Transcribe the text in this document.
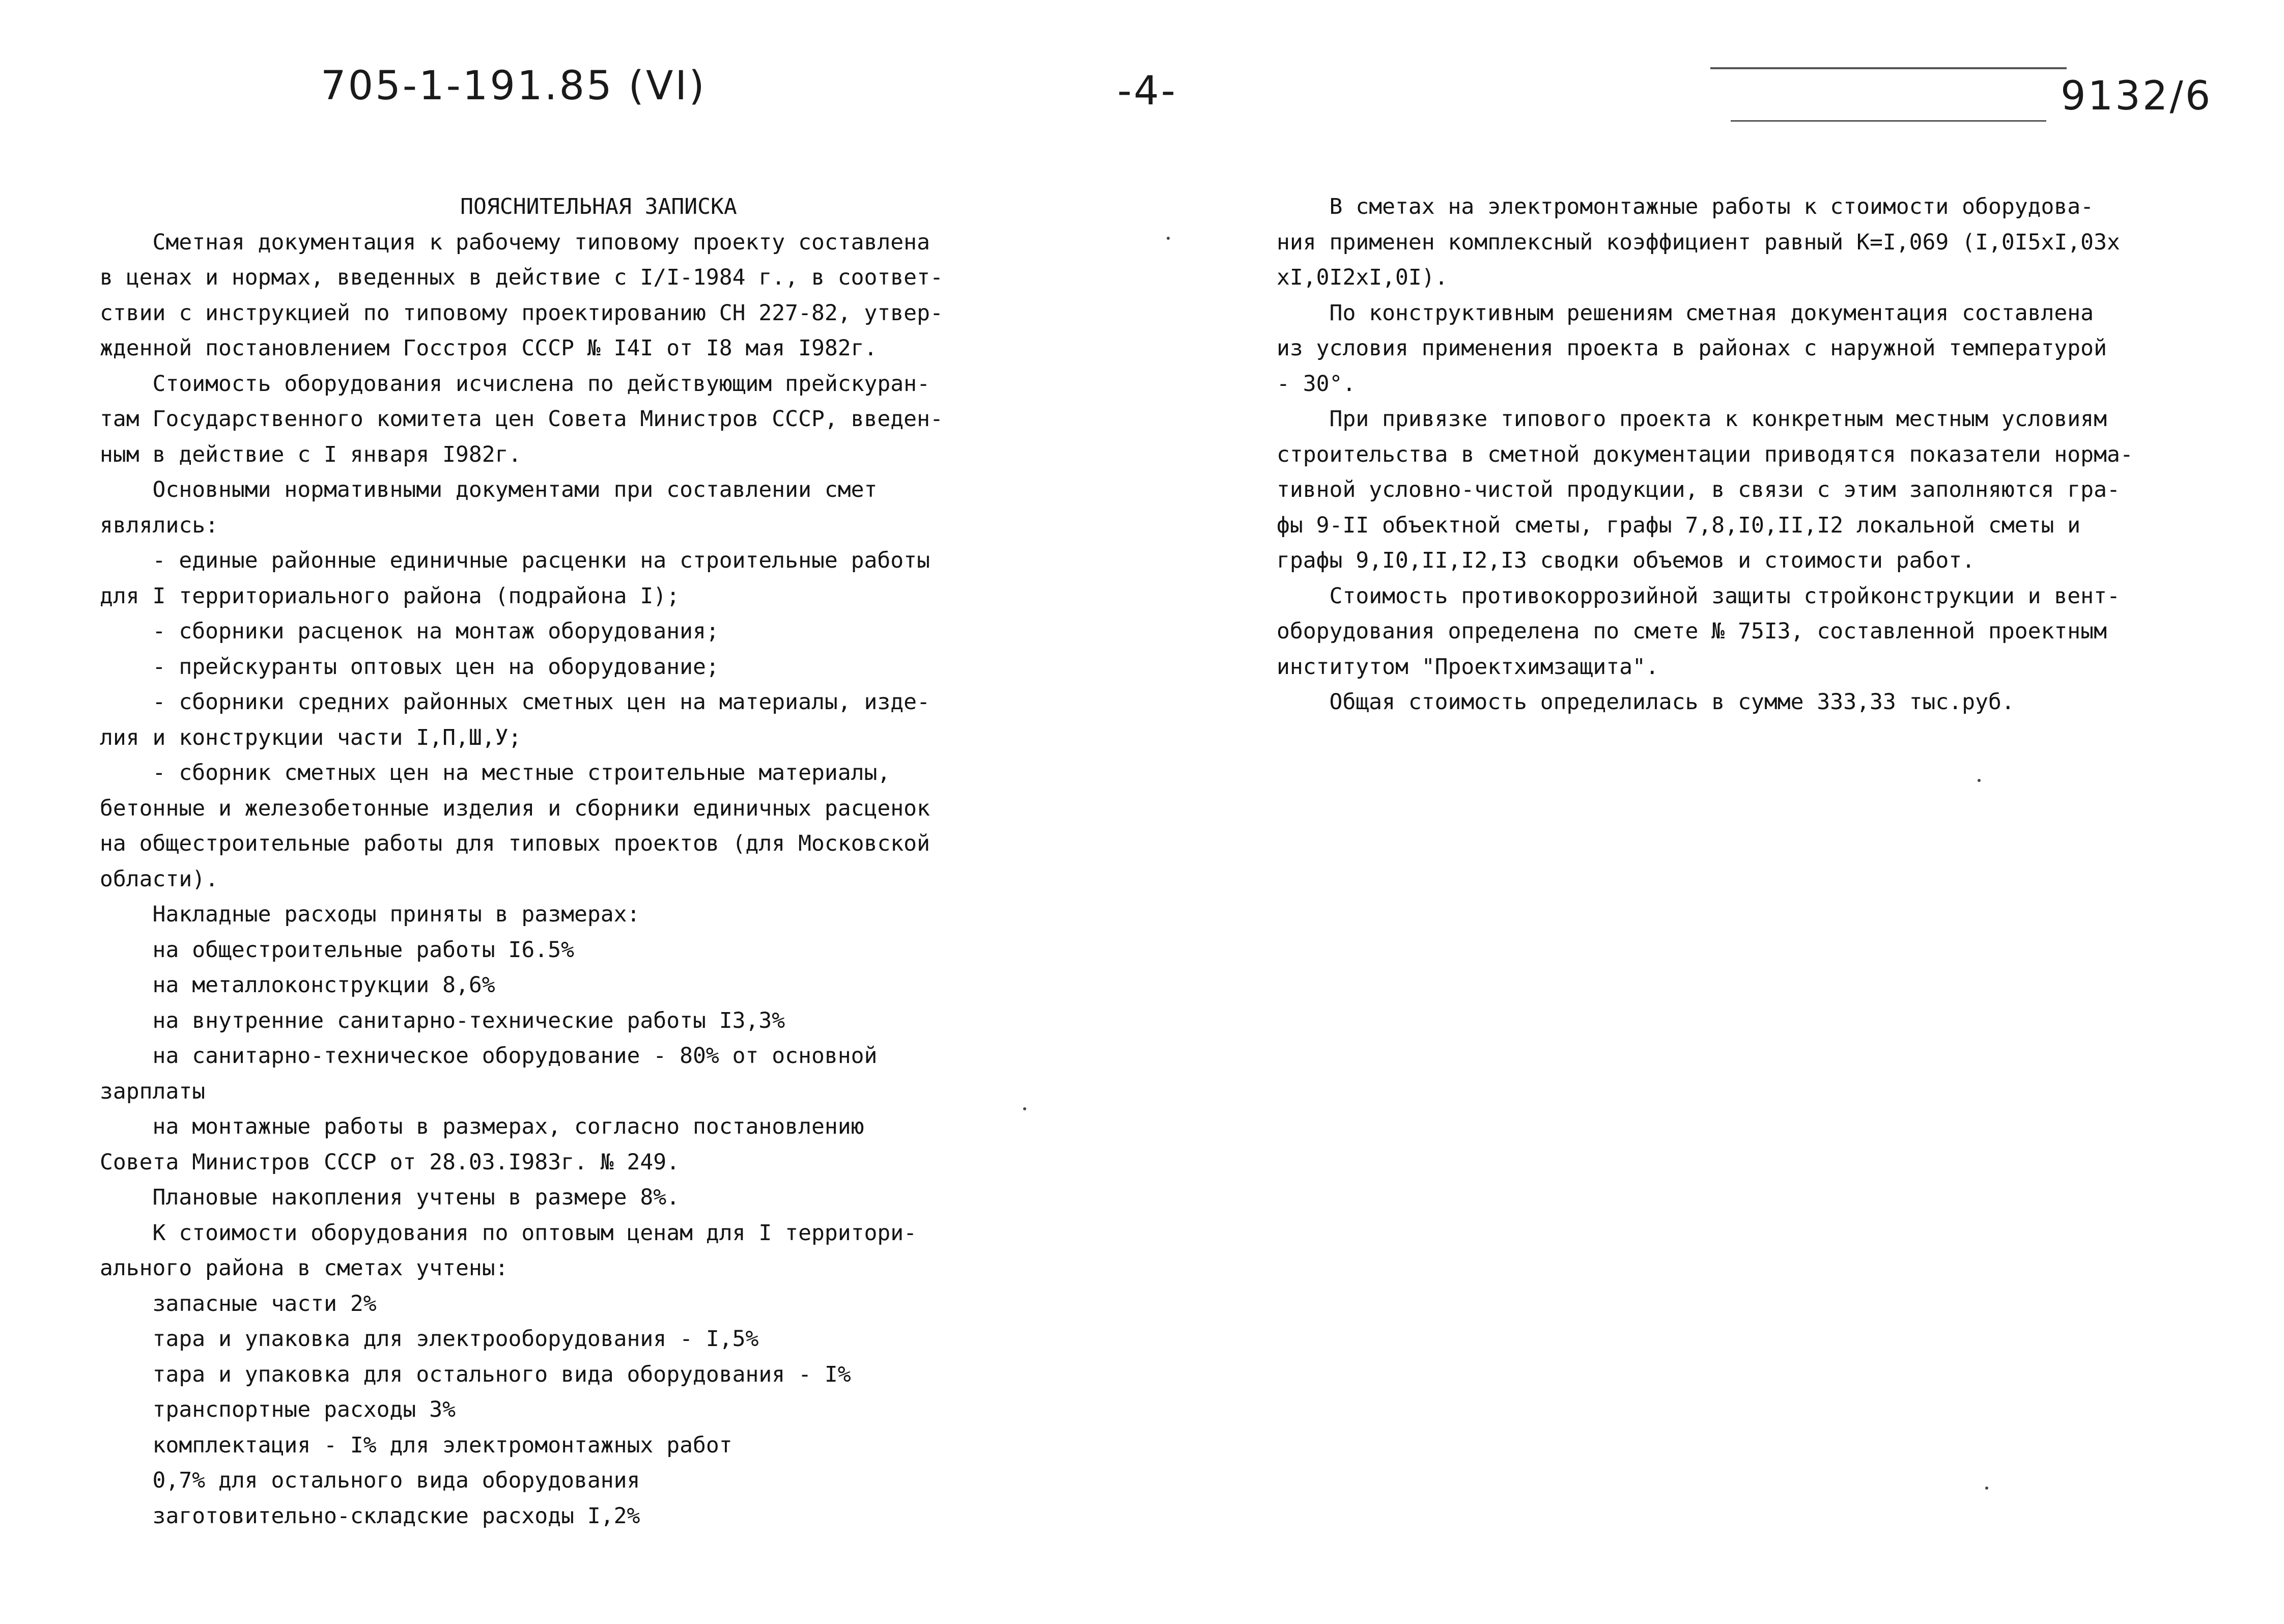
705-1-191.85 (VI)	-4-	9132/6
ПОЯСНИТЕЛЬНАЯ ЗАПИСКА
Сметная документация к рабочему типовому проекту составлена
в ценах и нормах, введенных в действие с I/I-1984 г., в соответ-
ствии с инструкцией по типовому проектированию СН 227-82, утвер-
жденной постановлением Госстроя СССР № I4I от I8 мая I982г.
Стоимость оборудования исчислена по действующим прейскуран-
там Государственного комитета цен Совета Министров СССР, введен-
ным в действие с I января I982г.
Основными нормативными документами при составлении смет
являлись:
- единые районные единичные расценки на строительные работы
для I территориального района (подрайона I);
- сборники расценок на монтаж оборудования;
- прейскуранты оптовых цен на оборудование;
- сборники средних районных сметных цен на материалы, изде-
лия и конструкции части I,П,Ш,У;
- сборник сметных цен на местные строительные материалы,
бетонные и железобетонные изделия и сборники единичных расценок
на общестроительные работы для типовых проектов (для Московской
области).
Накладные расходы приняты в размерах:
на общестроительные работы I6.5%
на металлоконструкции 8,6%
на внутренние санитарно-технические работы I3,3%
на санитарно-техническое оборудование - 80% от основной
зарплаты
на монтажные работы в размерах, согласно постановлению
Совета Министров СССР от 28.03.I983г. № 249.
Плановые накопления учтены в размере 8%.
К стоимости оборудования по оптовым ценам для I территори-
ального района в сметах учтены:
запасные части 2%
тара и упаковка для электрооборудования - I,5%
тара и упаковка для остального вида оборудования - I%
транспортные расходы 3%
комплектация - I% для электромонтажных работ
0,7% для остального вида оборудования
заготовительно-складские расходы I,2%
В сметах на электромонтажные работы к стоимости оборудова-
ния применен комплексный коэффициент равный K=I,069 (I,0I5xI,03x
xI,0I2xI,0I).
По конструктивным решениям сметная документация составлена
из условия применения проекта в районах с наружной температурой
- 30°.
При привязке типового проекта к конкретным местным условиям
строительства в сметной документации приводятся показатели норма-
тивной условно-чистой продукции, в связи с этим заполняются гра-
фы 9-II объектной сметы, графы 7,8,I0,II,I2 локальной сметы и
графы 9,I0,II,I2,I3 сводки объемов и стоимости работ.
Стоимость противокоррозийной защиты стройконструкции и вент-
оборудования определена по смете № 75I3, составленной проектным
институтом "Проектхимзащита".
Общая стоимость определилась в сумме 333,33 тыс.руб.
